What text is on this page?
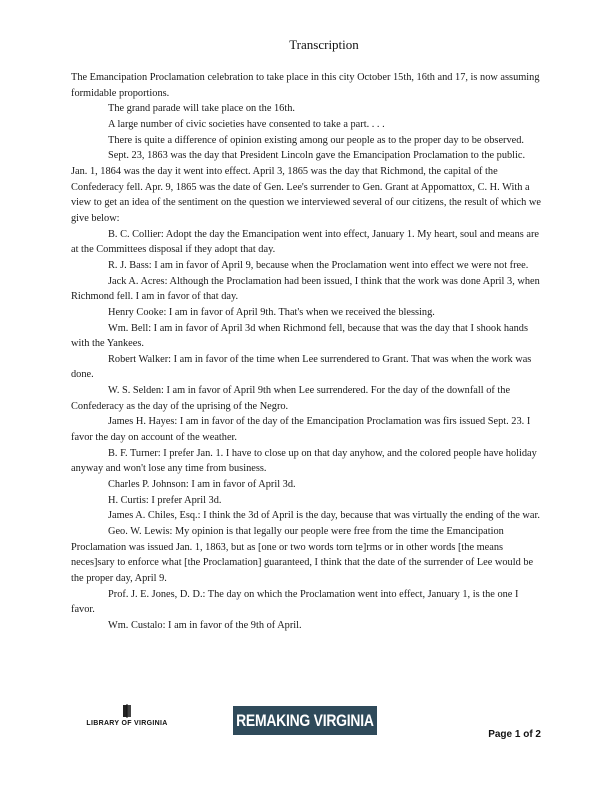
Transcription

The Emancipation Proclamation celebration to take place in this city October 15th, 16th and 17, is now assuming formidable proportions.

The grand parade will take place on the 16th.

A large number of civic societies have consented to take a part. . . .

There is quite a difference of opinion existing among our people as to the proper day to be observed.

Sept. 23, 1863 was the day that President Lincoln gave the Emancipation Proclamation to the public. Jan. 1, 1864 was the day it went into effect. April 3, 1865 was the day that Richmond, the capital of the Confederacy fell. Apr. 9, 1865 was the date of Gen. Lee's surrender to Gen. Grant at Appomattox, C. H. With a view to get an idea of the sentiment on the question we interviewed several of our citizens, the result of which we give below:

B. C. Collier: Adopt the day the Emancipation went into effect, January 1. My heart, soul and means are at the Committees disposal if they adopt that day.

R. J. Bass: I am in favor of April 9, because when the Proclamation went into effect we were not free.

Jack A. Acres: Although the Proclamation had been issued, I think that the work was done April 3, when Richmond fell. I am in favor of that day.

Henry Cooke: I am in favor of April 9th. That's when we received the blessing.

Wm. Bell: I am in favor of April 3d when Richmond fell, because that was the day that I shook hands with the Yankees.

Robert Walker: I am in favor of the time when Lee surrendered to Grant. That was when the work was done.

W. S. Selden: I am in favor of April 9th when Lee surrendered. For the day of the downfall of the Confederacy as the day of the uprising of the Negro.

James H. Hayes: I am in favor of the day of the Emancipation Proclamation was firs issued Sept. 23. I favor the day on account of the weather.

B. F. Turner: I prefer Jan. 1. I have to close up on that day anyhow, and the colored people have holiday anyway and won't lose any time from business.

Charles P. Johnson: I am in favor of April 3d.

H. Curtis: I prefer April 3d.

James A. Chiles, Esq.: I think the 3d of April is the day, because that was virtually the ending of the war.

Geo. W. Lewis: My opinion is that legally our people were free from the time the Emancipation Proclamation was issued Jan. 1, 1863, but as [one or two words torn te]rms or in other words [the means neces]sary to enforce what [the Proclamation] guaranteed, I think that the date of the surrender of Lee would be the proper day, April 9.

Prof. J. E. Jones, D. D.: The day on which the Proclamation went into effect, January 1, is the one I favor.

Wm. Custalo: I am in favor of the 9th of April.

LIBRARY OF VIRGINIA	REMAKING VIRGINIA
Page 1 of 2
